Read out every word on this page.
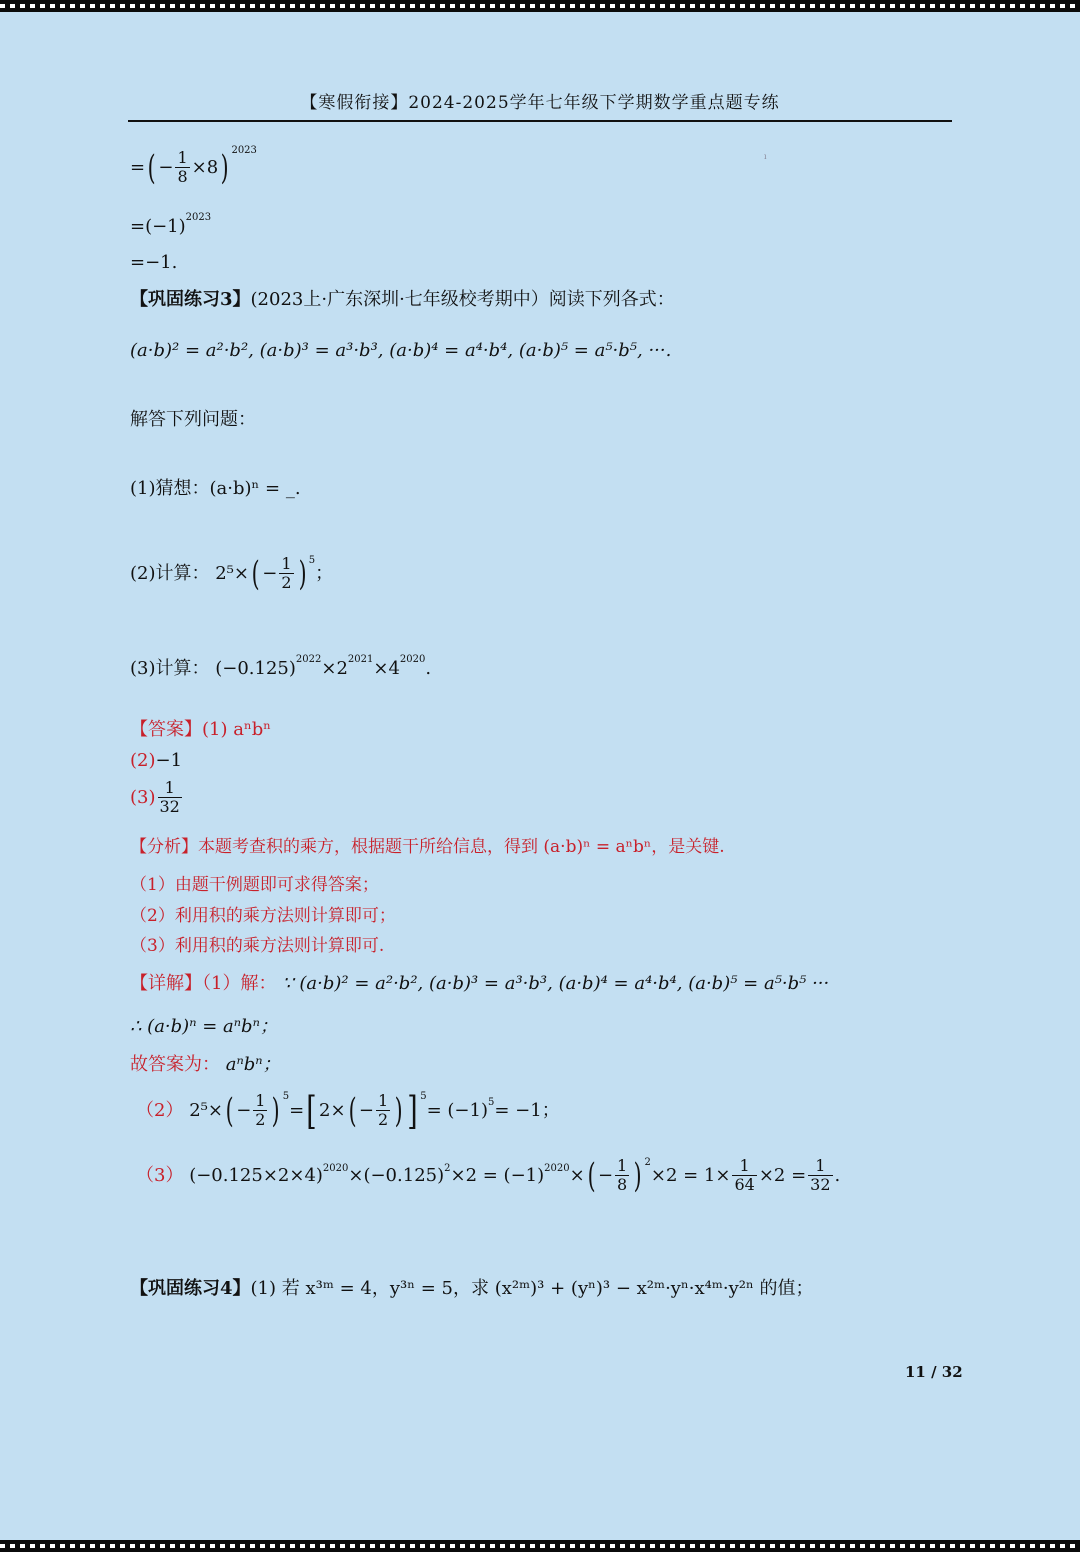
【寒假衔接】2024-2025学年七年级下学期数学重点题专练
ı
= ( − $\frac{1}{8} \times 8$ ) 2023
$=(-1)^{2023}$
=−1.
【巩固练习3】(2023上·广东深圳·七年级校考期中）阅读下列各式：
(a·b)² = a²·b², (a·b)³ = a³·b³, (a·b)⁴ = a⁴·b⁴, (a·b)⁵ = a⁵·b⁵, ···.
解答下列问题：
(1)猜想：(a·b)ⁿ = _.
(2)计算：
2⁵× ( − $\frac{1}{2}$ ) 5
；
(3)计算： $(-0.125)^{2022}\times 2^{2021}\times 4^{2020}$.
【答案】(1) aⁿbⁿ
(2)−1
$(3) \frac{1}{32}$
【分析】本题考查积的乘方，根据题干所给信息，得到 (a·b)ⁿ = aⁿbⁿ，是关键.
（1）由题干例题即可求得答案；
（2）利用积的乘方法则计算即可；
（3）利用积的乘方法则计算即可.
【详解】（1）解： ∵ (a·b)² = a²·b², (a·b)³ = a³·b³, (a·b)⁴ = a⁴·b⁴, (a·b)⁵ = a⁵·b⁵ ···
∴ (a·b)ⁿ = aⁿbⁿ；
故答案为： aⁿbⁿ；
（2）
2⁵× ( − $\frac{1}{2}$ ) 5
= [ 2× ( − $\frac{1}{2}$ ) ] 5
= (−1) 5 = −1；
（3）
(−0.125×2×4) 2020 ×(−0.125) 2 ×2 = (−1) 2020 × ( − $\frac{1}{8}$ ) 2
$\times 2 = 1\times \frac{1}{64} \times 2 = \frac{1}{32}$ .
【巩固练习4】(1) 若 x³ᵐ = 4，y³ⁿ = 5，求 (x²ᵐ)³ + (yⁿ)³ − x²ᵐ·yⁿ·x⁴ᵐ·y²ⁿ 的值；
11 / 32
